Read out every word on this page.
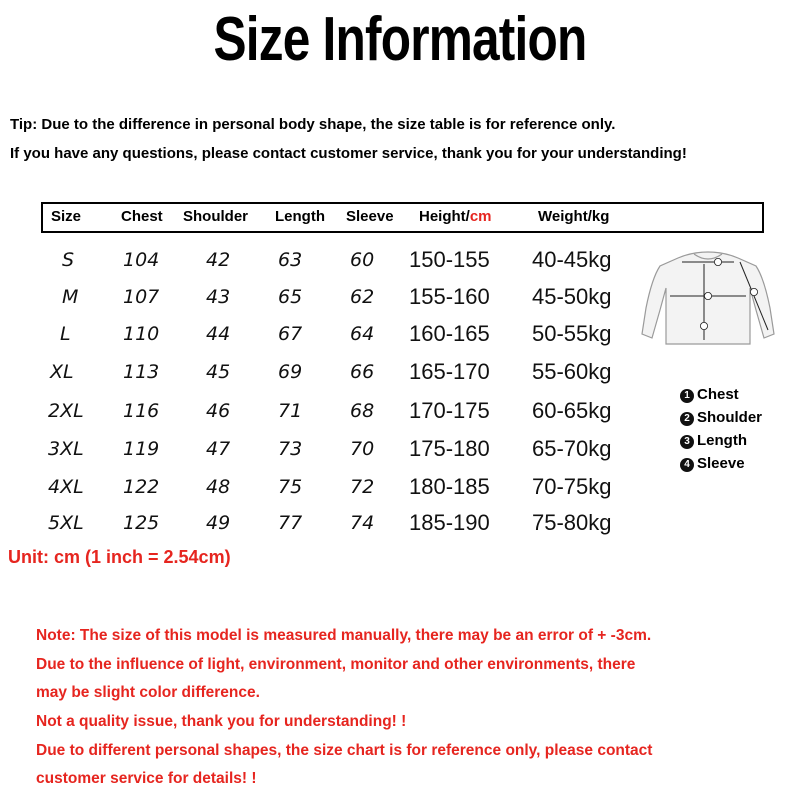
Size Information
Tip: Due to the difference in personal body shape, the size table is for reference only.
If you have any questions, please contact customer service, thank you for your understanding!
Size	Chest Shoulder Length Sleeve Height/cm	Weight/kg
S	104 42	63	60 150-155 40-45kg
M 107 43	65	62 155-160 45-50kg
L	110 44	67	64 160-165 50-55kg
XL	113 45	69	66 165-170 55-60kg
2XL 116 46	71	68 170-175 60-65kg
3XL 119 47	73	70 175-180 65-70kg
4XL 122 48	75	72 180-185 70-75kg
5XL 125 49	77	74 185-190 75-80kg
1 Chest
2 Shoulder
3 Length
4 Sleeve
Unit: cm (1 inch = 2.54cm)
Note: The size of this model is measured manually, there may be an error of + -3cm.
Due to the influence of light, environment, monitor and other environments, there
may be slight color difference.
Not a quality issue, thank you for understanding! !
Due to different personal shapes, the size chart is for reference only, please contact
customer service for details! !
